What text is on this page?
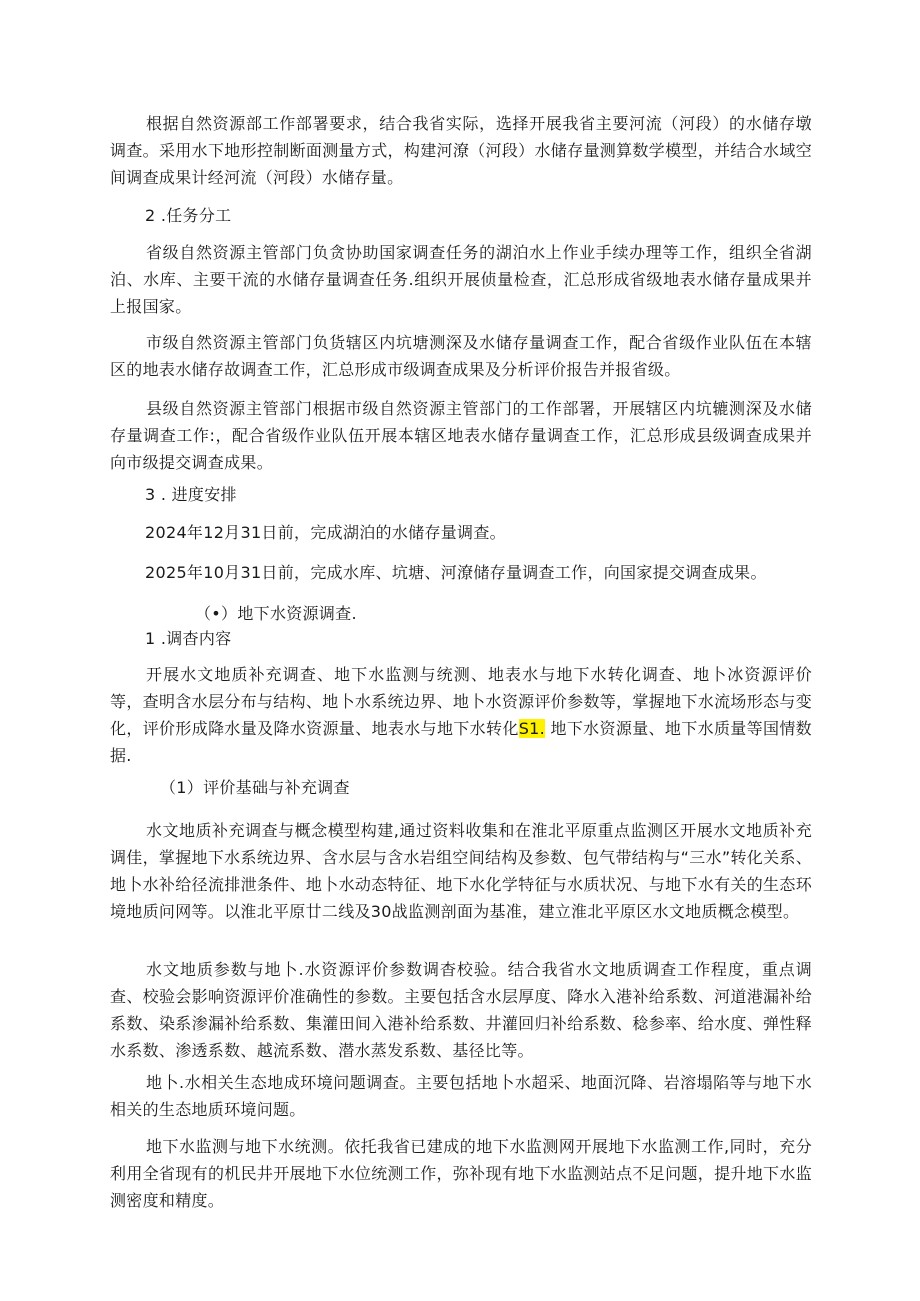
根据自然资源部工作部署要求，结合我省实际，选择开展我省主要河流（河段）的水储存墩调查。采用水下地形控制断面测量方式，构建河潦（河段）水储存量测算数学模型，并结合水域空间调查成果计经河流（河段）水储存量。

2 .任务分工

省级自然资源主管部门负贪协助国家调查任务的湖泊水上作业手续办理等工作，组织全省湖泊、水库、主要干流的水储存量调查任务.组织开展侦量检查，汇总形成省级地表水储存量成果并上报国家。

市级自然资源主管部门负货辖区内坑塘测深及水储存量调查工作，配合省级作业队伍在本辖区的地表水储存故调查工作，汇总形成市级调查成果及分析评价报告并报省级。

县级自然资源主管部门根据市级自然资源主管部门的工作部署，开展辖区内坑辘测深及水储存量调查工作:，配合省级作业队伍开展本辖区地表水储存量调查工作，汇总形成县级调查成果并向市级提交调查成果。

3 . 进度安排

2024年12月31日前，完成湖泊的水储存量调查。

2025年10月31日前，完成水库、坑塘、河潦储存量调查工作，向国家提交调查成果。

（•）地下水资源调查.

1 .调杳内容

开展水文地质补充调查、地下水监测与统测、地表水与地下水转化调查、地卜冰资源评价等，查明含水层分布与结构、地卜水系统边界、地卜水资源评价参数等，掌握地下水流场形态与变化，评价形成降水量及降水资源量、地表水与地下水转化S1. 地下水资源量、地下水质量等国情数据.

（1）评价基础与补充调查

水文地质补充调查与概念模型构建,通过资料收集和在淮北平原重点监测区开展水文地质补充调佳，掌握地下水系统边界、含水层与含水岩组空间结构及参数、包气带结构与“三水”转化关系、地卜水补给径流排泄条件、地卜水动态特征、地下水化学特征与水质状况、与地下水有关的生态环境地质问网等。以淮北平原廿二线及30战监测剖面为基准，建立淮北平原区水文地质概念模型。

水文地质参数与地卜.水资源评价参数调杳校验。结合我省水文地质调查工作程度，重点调查、校验会影响资源评价准确性的参数。主要包括含水层厚度、降水入港补给系数、河道港漏补给系数、染系渗漏补给系数、集灌田间入港补给系数、井灌回归补给系数、稔参率、给水度、弹性释水系数、渗透系数、越流系数、潜水蒸发系数、基径比等。

地卜.水相关生态地成环境问题调查。主要包括地卜水超采、地面沉降、岩溶塌陷等与地下水相关的生态地质环境问题。

地下水监测与地下水统测。依托我省已建成的地下水监测网开展地下水监测工作,同时，充分利用全省现有的机民井开展地下水位统测工作，弥补现有地下水监测站点不足问题，提升地下水监测密度和精度。
